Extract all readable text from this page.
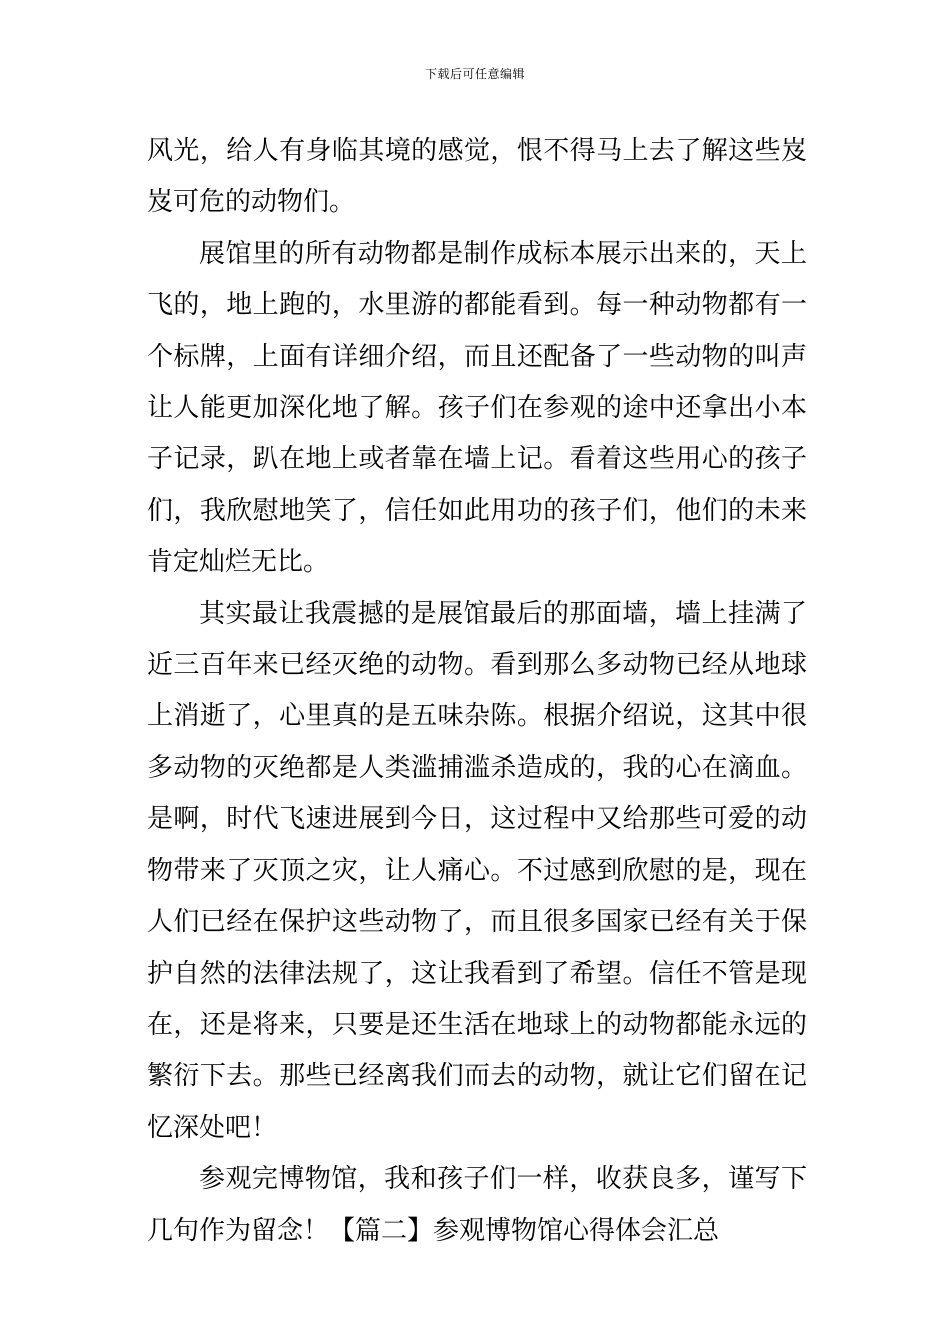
下载后可任意编辑

风光，给人有身临其境的感觉，恨不得马上去了解这些岌岌可危的动物们。

展馆里的所有动物都是制作成标本展示出来的，天上飞的，地上跑的，水里游的都能看到。每一种动物都有一个标牌，上面有详细介绍，而且还配备了一些动物的叫声让人能更加深化地了解。孩子们在参观的途中还拿出小本子记录，趴在地上或者靠在墙上记。看着这些用心的孩子们，我欣慰地笑了，信任如此用功的孩子们，他们的未来肯定灿烂无比。

其实最让我震撼的是展馆最后的那面墙，墙上挂满了近三百年来已经灭绝的动物。看到那么多动物已经从地球上消逝了，心里真的是五味杂陈。根据介绍说，这其中很多动物的灭绝都是人类滥捕滥杀造成的，我的心在滴血。是啊，时代飞速进展到今日，这过程中又给那些可爱的动物带来了灭顶之灾，让人痛心。不过感到欣慰的是，现在人们已经在保护这些动物了，而且很多国家已经有关于保护自然的法律法规了，这让我看到了希望。信任不管是现在，还是将来，只要是还生活在地球上的动物都能永远的繁衍下去。那些已经离我们而去的动物，就让它们留在记忆深处吧！

参观完博物馆，我和孩子们一样，收获良多，谨写下几句作为留念！【篇二】参观博物馆心得体会汇总
